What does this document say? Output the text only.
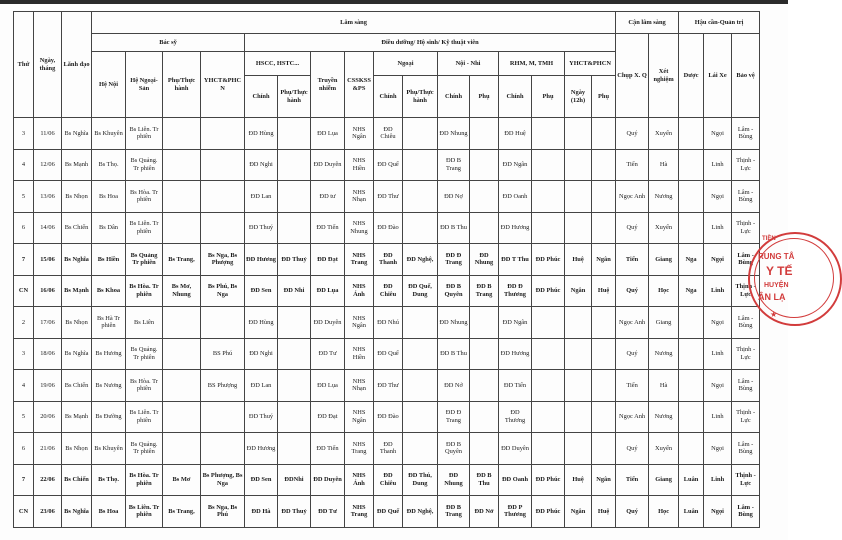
Thứ	Ngày, tháng	Lãnh đạo	Lâm sàng																Cận lâm sàng		Hậu cần-Quản trị		
			Bác sỹ				Điều dưỡng/ Hộ sinh/ Kỹ thuật viên												Chụp X. Q	Xét nghiệm	Dược	Lái Xe	Bảo vệ
			Hệ Nội	Hệ Ngoại-Sản	Phụ/Thực hành	YHCT&PHC N	HSCC, HSTC...		Truyền nhiễm	CSSKSS &PS	Ngoại		Nội - Nhi		RHM, M, TMH		YHCT&PHCN						
							Chính	Phụ/Thực hành			Chính	Phụ/Thực hành	Chính	Phụ	Chính	Phụ	Ngày (12h)	Phụ					
3	11/06	Bs Nghĩa	Bs Khuyên	Bs Liên. Tr phiên			ĐD Hùng		ĐD Lụa	NHS Ngân	ĐD Chiêu		ĐD Nhung		ĐD Huệ				Quý	Xuyến		Ngọi	Lâm - Bùng
4	12/06	Bs Mạnh	Bs Thọ.	Bs Quảng. Tr phiên			ĐD Nghi		ĐD Duyên	NHS Hiền	ĐD Quế		ĐD B Trang		ĐD Ngân				Tiến	Hà		Linh	Thịnh - Lực
5	13/06	Bs Nhọn	Bs Hoa	Bs Hòa. Tr phiên			ĐD Lan		ĐD tư	NHS Nhạn	ĐD Thư		ĐD Nợ		ĐD Oanh				Ngọc Anh	Nương		Ngọi	Lâm - Bùng
6	14/06	Bs Chiến	Bs Dân	Bs Liên. Tr phiên			ĐD Thuý		ĐD Tiến	NHS Nhung	ĐD Đào		ĐD B Thu		ĐD Hương				Quý	Xuyến		Linh	Thịnh - Lực
7	15/06	Bs Nghĩa	Bs Hiền	Bs Quảng Tr phiên	Bs Trang,	Bs Nga, Bs Phượng	ĐD Hương	ĐD Thuỷ	ĐD Đạt	NHS Trang	ĐD Thanh	ĐD Nghệ,	ĐD Đ Trang	ĐD Nhung	ĐD T Thu	ĐD Phúc	Huệ	Ngân	Tiến	Giang	Nga	Ngọi	Lâm - Bùng
CN	16/06	Bs Mạnh	Bs Khoa	Bs Hòa. Tr phiên	Bs Mơ, Nhung	Bs Phú, Bs Nga	ĐD Sen	ĐD Nhi	ĐD Lụa	NHS Ánh	ĐD Chiêu	ĐD Quế, Dung	ĐD B Quyên	ĐD B Trang	ĐD Đ Thương	ĐD Phúc	Ngân	Huệ	Quý	Học	Nga	Linh	Thịnh - Lực
2	17/06	Bs Nhọn	Bs Hà Tr phiên	Bs Liên			ĐD Hùng		ĐD Duyên	NHS Ngân	ĐD Nhú		ĐD Nhung		ĐD Ngân				Ngọc Anh	Giang		Ngọi	Lâm - Bùng
3	18/06	Bs Nghĩa	Bs Hương	Bs Quảng. Tr phiên		BS Phú	ĐD Nghi		ĐD Tư	NHS Hiền	ĐD Quế		ĐD B Thu		ĐD Hương				Quý	Nương		Linh	Thịnh - Lực
4	19/06	Bs Chiến	Bs Nương	Bs Hòa. Tr phiên		BS Phượng	ĐD Lan		ĐD Lụa	NHS Nhạn	ĐD Thư		ĐD Nở		ĐD Tiến				Tiến	Hà		Ngọi	Lâm - Bùng
5	20/06	Bs Mạnh	Bs Đường	Bs Liên. Tr phiên			ĐD Thuý		ĐD Đạt	NHS Ngân	ĐD Đào		ĐD Đ Trang		ĐD Thương				Ngọc Anh	Nương		Linh	Thịnh - Lực
6	21/06	Bs Nhọn	Bs Khuyên	Bs Quảng. Tr phiên			ĐD Hương		ĐD Tiến	NHS Trang	ĐD Thanh		ĐD B Quyên		ĐD Duyên				Quý	Xuyến		Ngọi	Lâm - Bùng
7	22/06	Bs Chiến	Bs Thọ.	Bs Hòa. Tr phiên	Bs Mơ	Bs Phượng, Bs Nga	ĐD Sen	ĐDNhi	ĐD Duyên	NHS Ánh	ĐD Chiêu	ĐD Thú, Dung	ĐD Nhung	ĐD B Thu	ĐD Oanh	ĐD Phúc	Huệ	Ngân	Tiến	Giang	Luân	Linh	Thịnh - Lực
CN	23/06	Bs Nghĩa	Bs Hoa	Bs Liên. Tr phiên	Bs Trang,	Bs Nga, Bs Phú	ĐD Hà	ĐD Thuỷ	ĐD Tư	NHS Trang	ĐD Quế	ĐD Nghệ,	ĐD B Trang	ĐD Nở	ĐD P Thương	ĐD Phúc	Ngân	Huệ	Quý	Học	Luân	Ngọi	Lâm - Bùng
TIỀN
RUNG TÂ
Y TẾ
HUYỆN
ÂN LẠ
★
